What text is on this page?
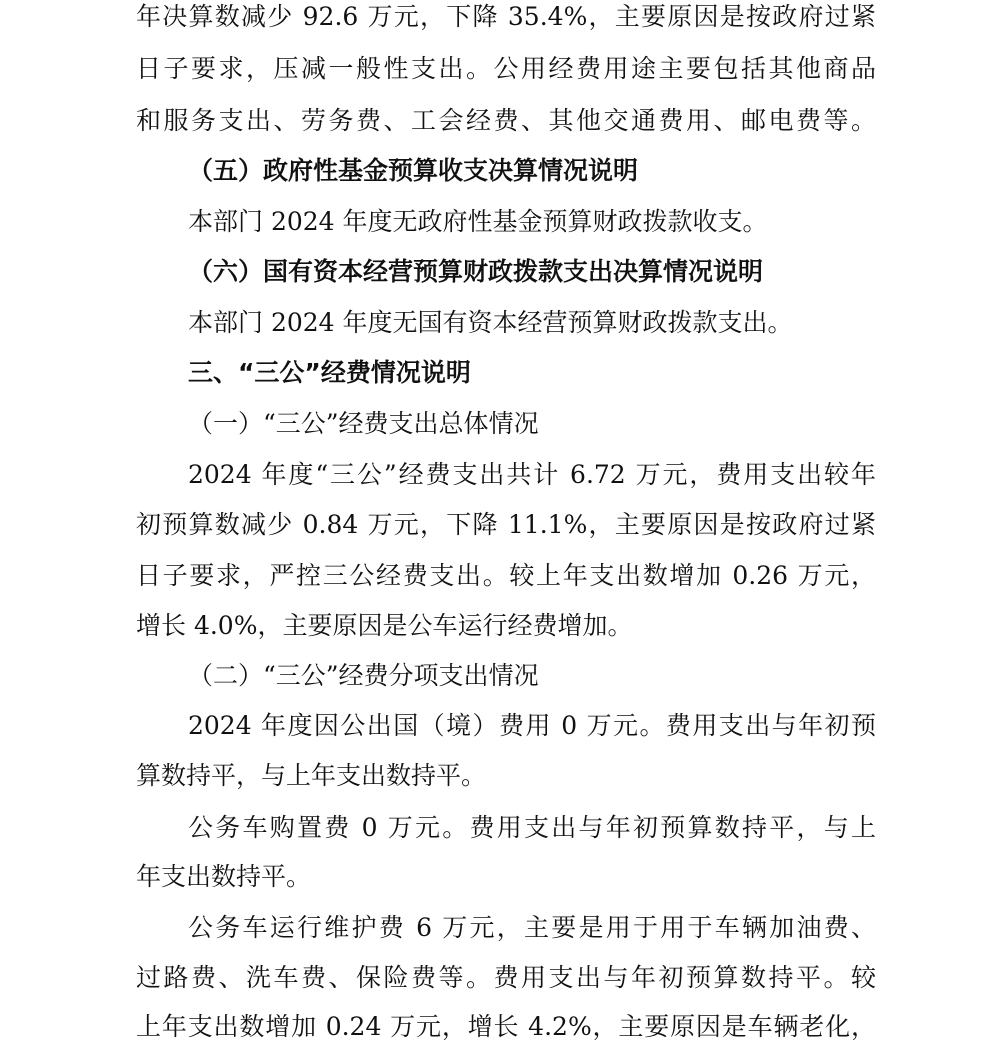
年决算数减少 92.6 万元，下降 35.4%，主要原因是按政府过紧
日子要求，压减一般性支出。公用经费用途主要包括其他商品
和服务支出、劳务费、工会经费、其他交通费用、邮电费等。
（五）政府性基金预算收支决算情况说明
本部门 2024 年度无政府性基金预算财政拨款收支。
（六）国有资本经营预算财政拨款支出决算情况说明
本部门 2024 年度无国有资本经营预算财政拨款支出。
三、“三公”经费情况说明
（一）“三公”经费支出总体情况
2024 年度“三公”经费支出共计 6.72 万元，费用支出较年
初预算数减少 0.84 万元，下降 11.1%，主要原因是按政府过紧
日子要求，严控三公经费支出。较上年支出数增加 0.26 万元，
增长 4.0%，主要原因是公车运行经费增加。
（二）“三公”经费分项支出情况
2024 年度因公出国（境）费用 0 万元。费用支出与年初预
算数持平，与上年支出数持平。
公务车购置费 0 万元。费用支出与年初预算数持平，与上
年支出数持平。
公务车运行维护费 6 万元，主要是用于用于车辆加油费、
过路费、洗车费、保险费等。费用支出与年初预算数持平。较
上年支出数增加 0.24 万元，增长 4.2%，主要原因是车辆老化，
